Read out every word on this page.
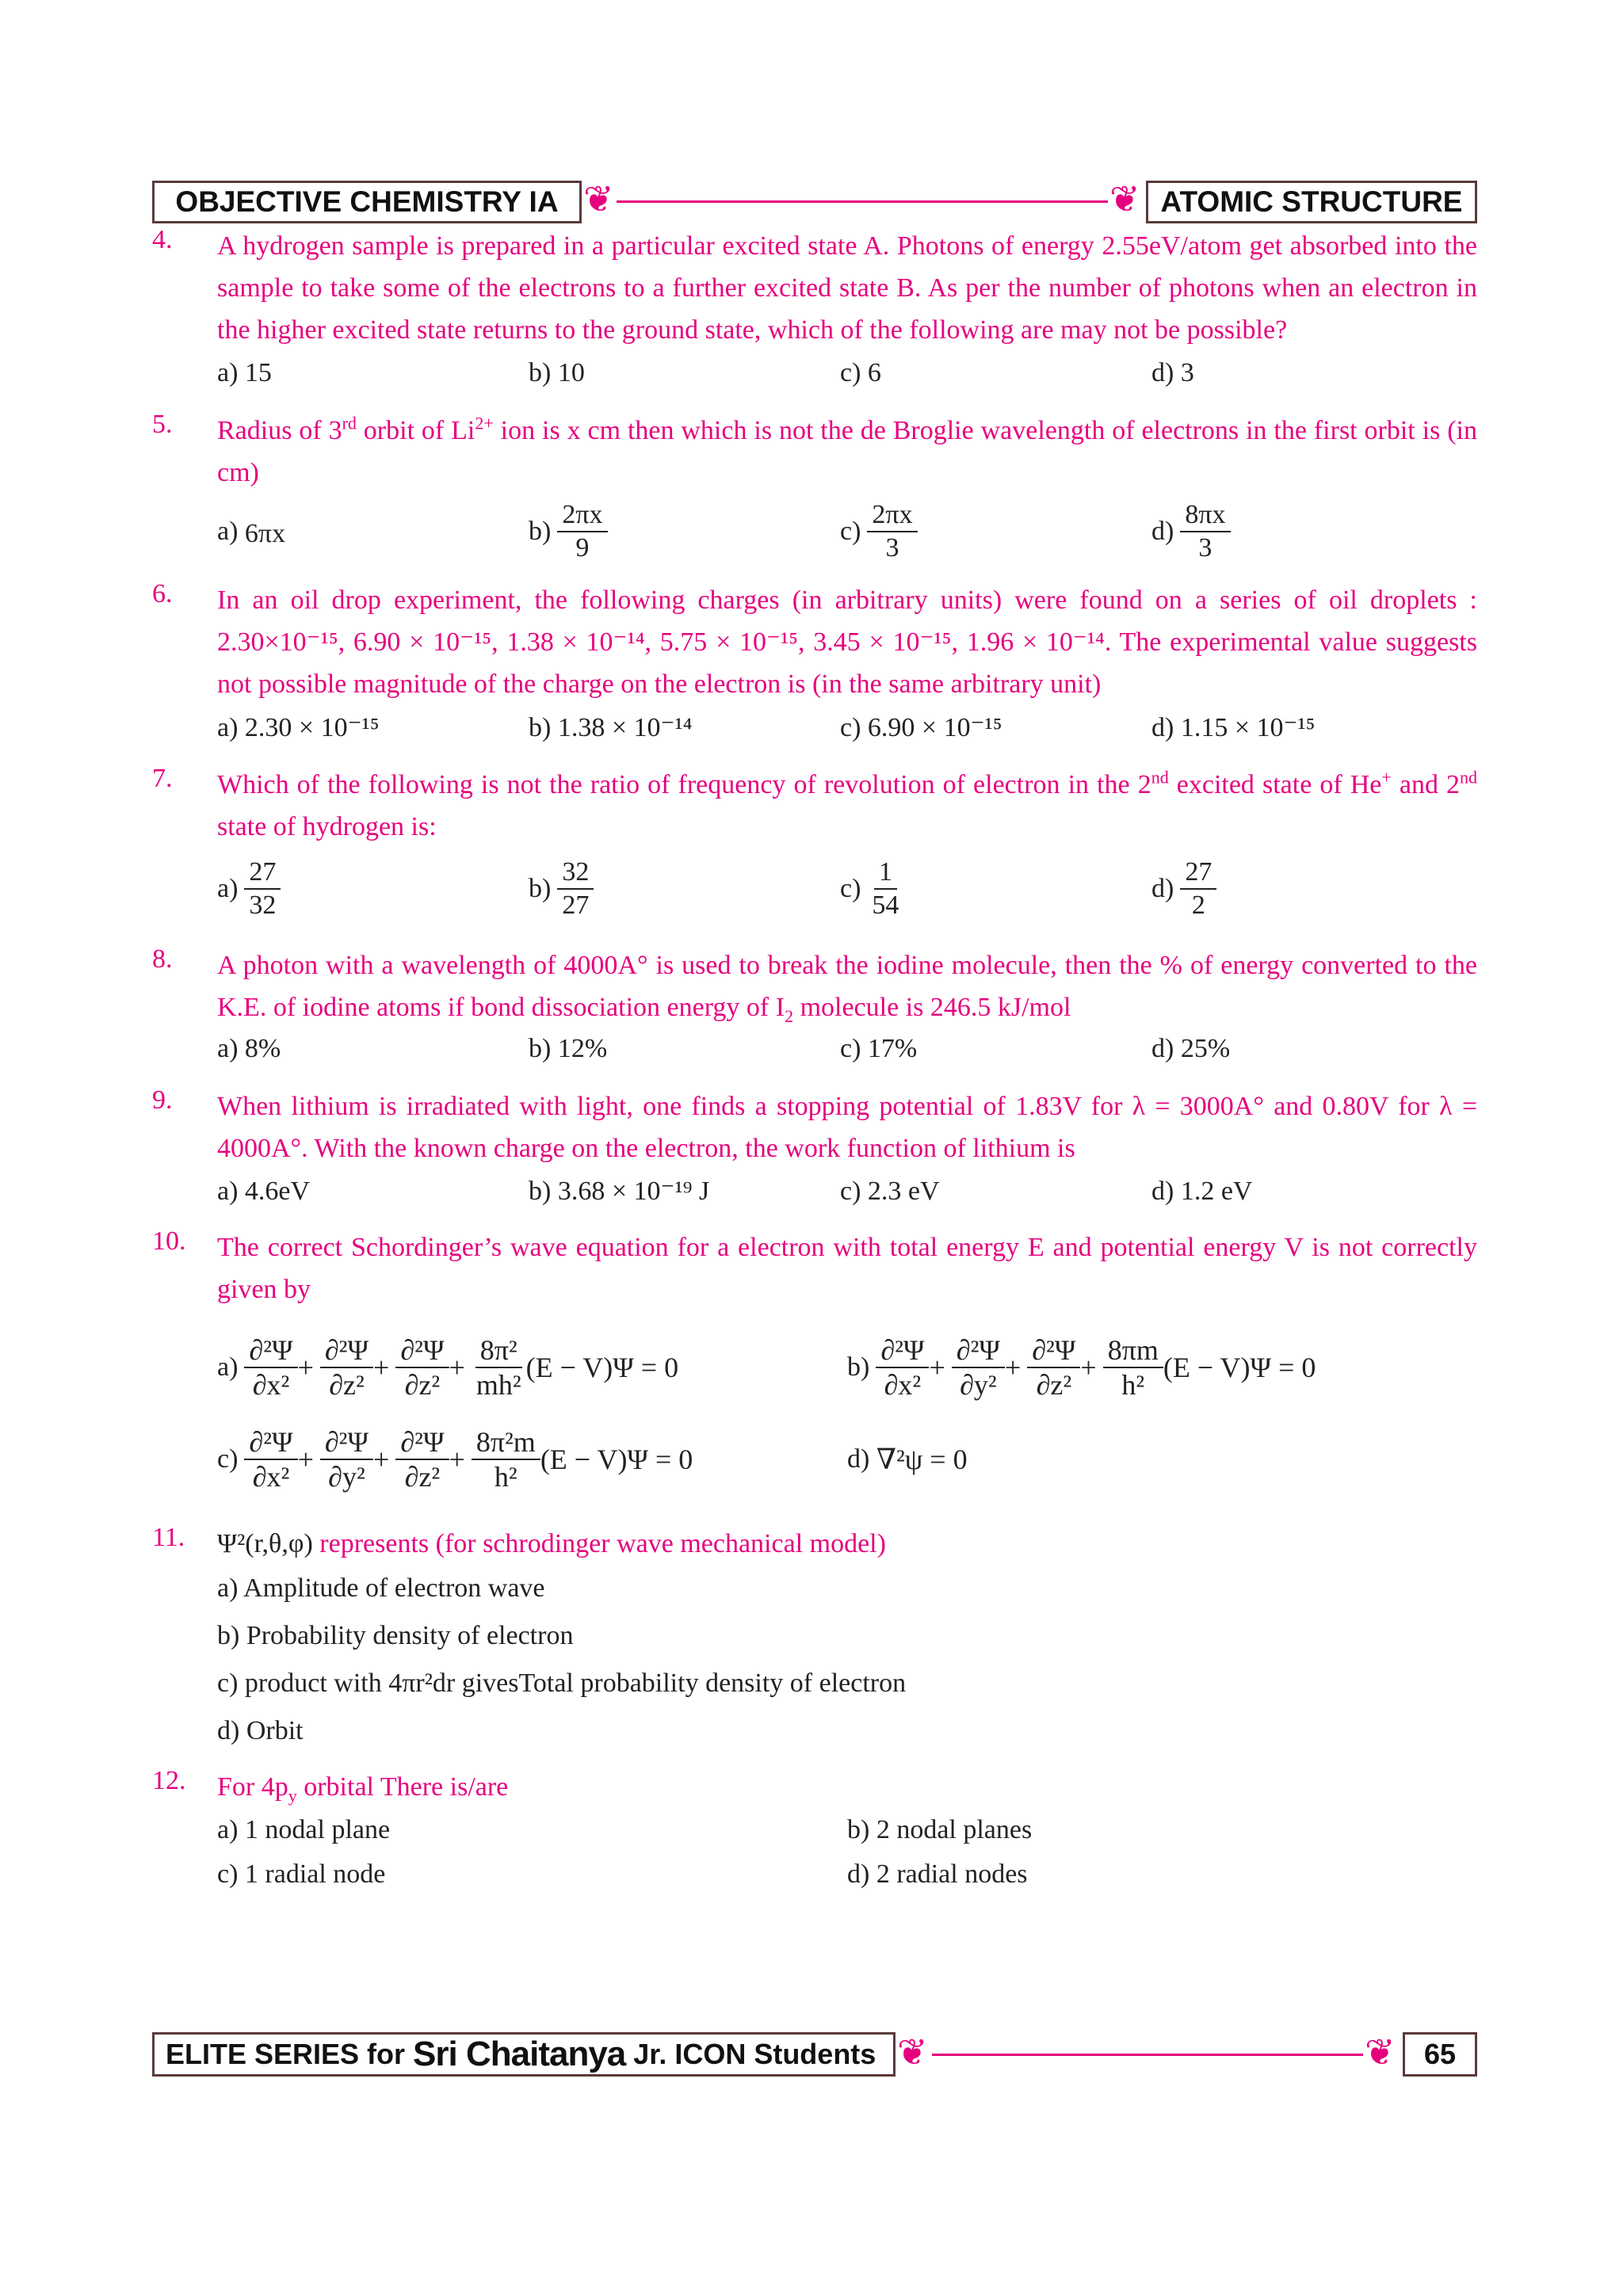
OBJECTIVE CHEMISTRY IA ❦	❦ ATOMIC STRUCTURE
4. A hydrogen sample is prepared in a particular excited state A. Photons of energy 2.55eV/atom get absorbed into the sample to take some of the electrons to a further excited state B. As per the number of photons when an electron in the higher excited state returns to the ground state, which of the following are may not be possible?
a) 15	b) 10	c) 6	d) 3
5. Radius of 3rd orbit of $Li^{2+}$ ion is x cm then which is not the de Broglie wavelength of electrons in the first orbit is (in cm)
a) 6πx	$b) \frac{2\pi x}{9}$	$c) \frac{2\pi x}{3}$	$d) \frac{8\pi x}{3}$
6. In an oil drop experiment, the following charges (in arbitrary units) were found on a series of oil droplets : 2.30×10⁻¹⁵, 6.90 × 10⁻¹⁵, 1.38 × 10⁻¹⁴, 5.75 × 10⁻¹⁵, 3.45 × 10⁻¹⁵, 1.96 × 10⁻¹⁴. The experimental value suggests not possible magnitude of the charge on the electron is (in the same arbitrary unit)
a) 2.30 × 10⁻¹⁵	b) 1.38 × 10⁻¹⁴	c) 6.90 × 10⁻¹⁵	d) 1.15 × 10⁻¹⁵
7. Which of the following is not the ratio of frequency of revolution of electron in the 2nd excited state of He+ and 2nd state of hydrogen is:
$a) \frac{27}{32}$	$b) \frac{32}{27}$	$c) \frac{1}{54}$	$d) \frac{27}{2}$
8. A photon with a wavelength of 4000A° is used to break the iodine molecule, then the % of energy converted to the K.E. of iodine atoms if bond dissociation energy of $I_2$ molecule is 246.5 kJ/mol
a) 8%	b) 12%	c) 17%	d) 25%
9. When lithium is irradiated with light, one finds a stopping potential of 1.83V for λ = 3000A° and 0.80V for λ = 4000A°. With the known charge on the electron, the work function of lithium is
a) 4.6eV	b) 3.68 × 10⁻¹⁹ J	c) 2.3 eV	d) 1.2 eV
10. The correct Schordinger’s wave equation for a electron with total energy E and potential energy V is not correctly given by
$a) \frac{\text{∂²Ψ}}{\text{∂x²}} + \frac{\text{∂²Ψ}}{\text{∂z²}} + \frac{\text{∂²Ψ}}{\text{∂z²}} + \frac{\text{8π²}}{\text{mh²}} (E - V)\Psi = 0$	$b) \frac{\text{∂²Ψ}}{\text{∂x²}} + \frac{\text{∂²Ψ}}{\text{∂y²}} + \frac{\text{∂²Ψ}}{\text{∂z²}} + \frac{8\pi m}{\text{h²}} (E - V)\Psi = 0$
$c) \frac{\text{∂²Ψ}}{\text{∂x²}} + \frac{\text{∂²Ψ}}{\text{∂y²}} + \frac{\text{∂²Ψ}}{\text{∂z²}} + \frac{\text{8π²m}}{\text{h²}} (E - V)\Psi = 0$	d)
∇²ψ = 0
11. Ψ²(r,θ,φ) represents (for schrodinger wave mechanical model)
a) Amplitude of electron wave
b) Probability density of electron
c) product with 4πr²dr givesTotal probability density of electron
d) Orbit
12. For $4p_y$ orbital There is/are
a) 1 nodal plane	b) 2 nodal planes
c) 1 radial node	d) 2 radial nodes
ELITE SERIES for Sri Chaitanya Jr. ICON Students ❦	❦ 65
